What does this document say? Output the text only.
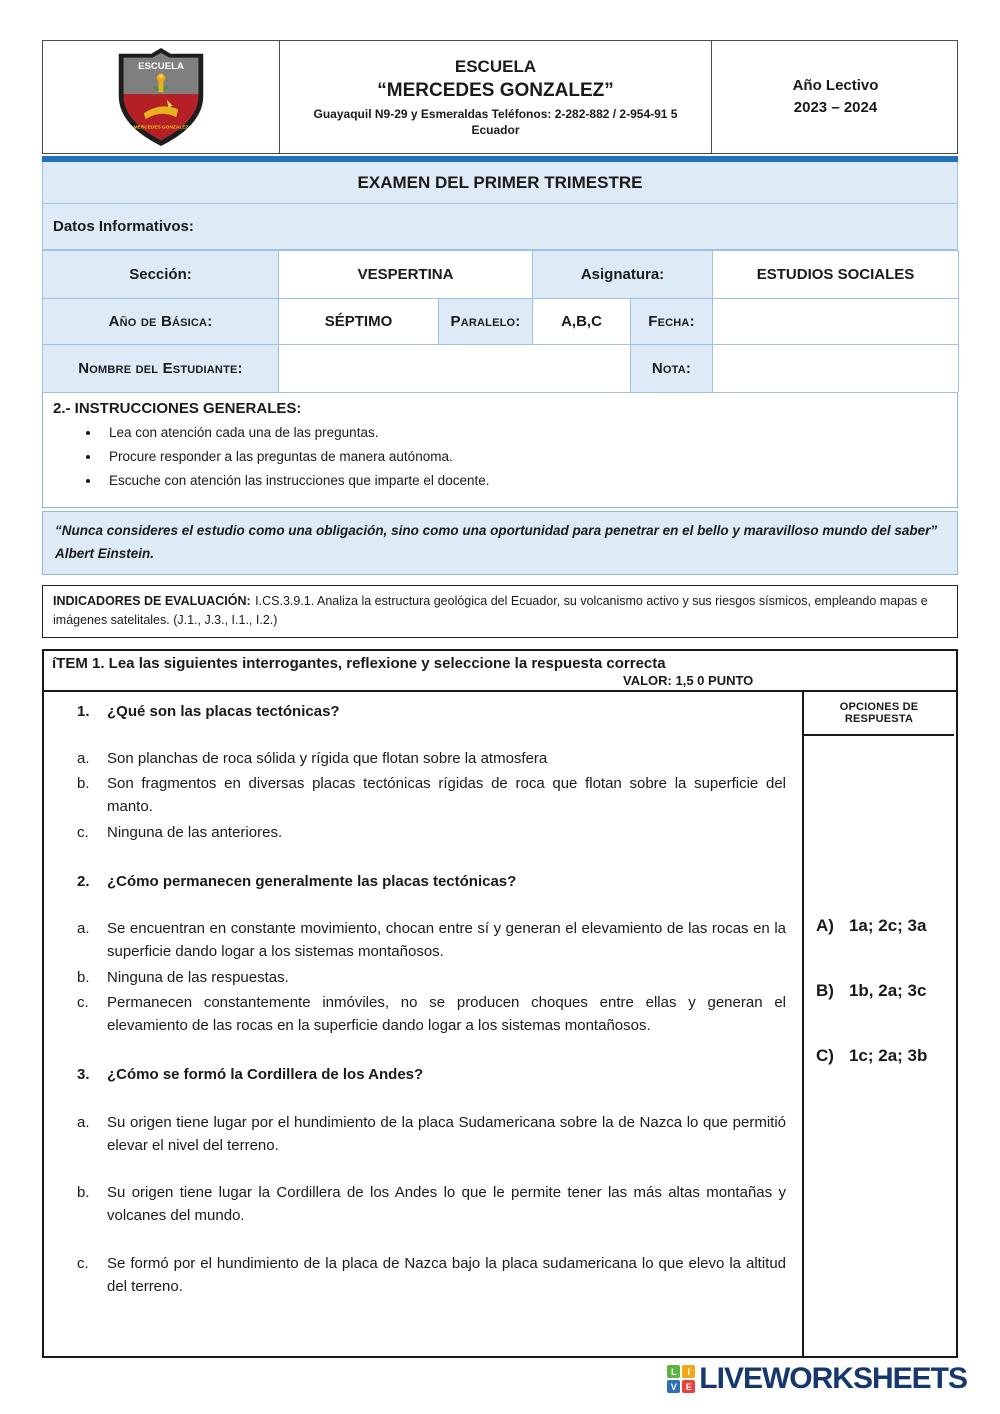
ESCUELA
MERCEDES GONZALEZ
ESCUELA
“MERCEDES GONZALEZ”
Guayaquil N9-29 y Esmeraldas Teléfonos: 2-282-882 / 2-954-91 5
Ecuador
Año Lectivo
2023 – 2024
EXAMEN DEL PRIMER TRIMESTRE
Datos Informativos:
Sección:	VESPERTINA	Asignatura:	ESTUDIOS SOCIALES
Año de Básica:	SÉPTIMO	Paralelo:	A,B,C	Fecha:
Nombre del Estudiante:	Nota:
2.- INSTRUCCIONES GENERALES:
• Lea con atención cada una de las preguntas.
• Procure responder a las preguntas de manera autónoma.
• Escuche con atención las instrucciones que imparte el docente.
“Nunca consideres el estudio como una obligación, sino como una oportunidad para penetrar en el bello y maravilloso mundo del saber” Albert Einstein.
INDICADORES DE EVALUACIÓN: I.CS.3.9.1. Analiza la estructura geológica del Ecuador, su volcanismo activo y sus riesgos sísmicos, empleando mapas e imágenes satelitales. (J.1., J.3., I.1., I.2.)
íTEM 1. Lea las siguientes interrogantes, reflexione y seleccione la respuesta correcta
VALOR: 1,5 0 PUNTO
1.	¿Qué son las placas tectónicas?
a.	Son planchas de roca sólida y rígida que flotan sobre la atmosfera
b.	Son fragmentos en diversas placas tectónicas rígidas de roca que flotan sobre la superficie del manto.
c.	Ninguna de las anteriores.
2.	¿Cómo permanecen generalmente las placas tectónicas?
a.	Se encuentran en constante movimiento, chocan entre sí y generan el elevamiento de las rocas en la superficie dando logar a los sistemas montañosos.
b.	Ninguna de las respuestas.
c.	Permanecen constantemente inmóviles, no se producen choques entre ellas y generan el elevamiento de las rocas en la superficie dando logar a los sistemas montañosos.
3.	¿Cómo se formó la Cordillera de los Andes?
a.	Su origen tiene lugar por el hundimiento de la placa Sudamericana sobre la de Nazca lo que permitió elevar el nivel del terreno.
b.	Su origen tiene lugar la Cordillera de los Andes lo que le permite tener las más altas montañas y volcanes del mundo.
c.	Se formó por el hundimiento de la placa de Nazca bajo la placa sudamericana lo que elevo la altitud del terreno.
OPCIONES DE RESPUESTA
A) 1a; 2c; 3a
B) 1b, 2a; 3c
C) 1c; 2a; 3b
L	I
V E LIVEWORKSHEETS
